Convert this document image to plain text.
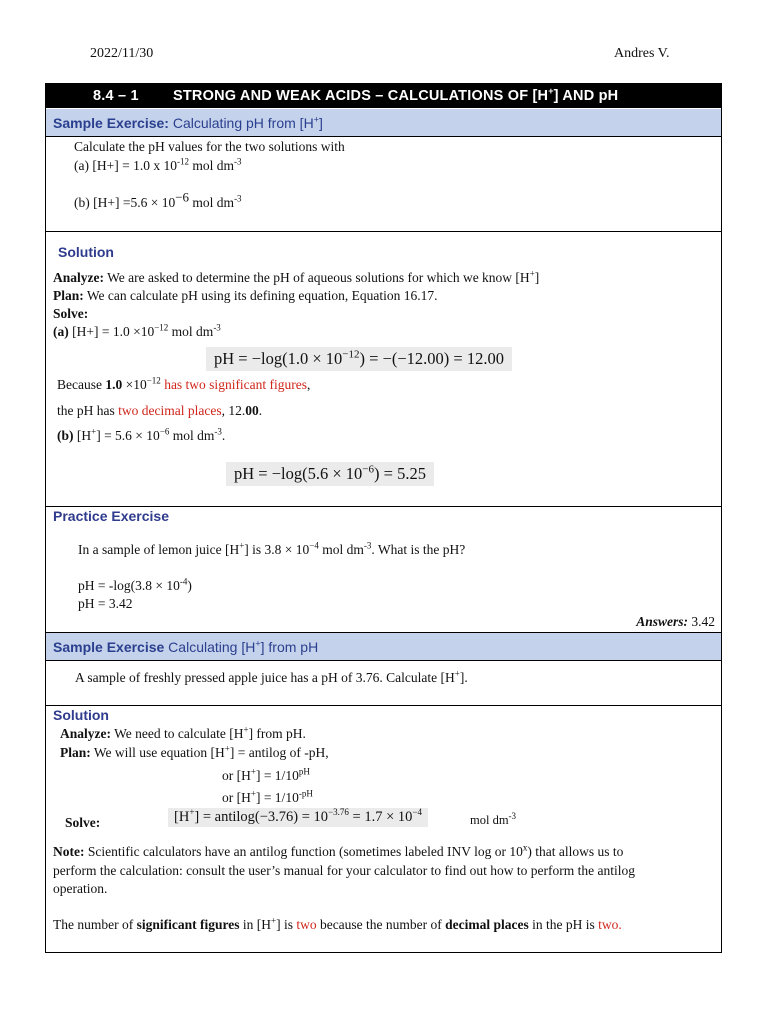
2022/11/30	Andres V.
8.4 – 1 STRONG AND WEAK ACIDS – CALCULATIONS OF [H+] AND pH
Sample Exercise: Calculating pH from [H+]
Calculate the pH values for the two solutions with
(a) [H+] = 1.0 x $10^{-12}$ mol $dm^{-3}$
(b) $[H+] =5.6 \times 10^{-6}$ mol $dm^{-3}$
Solution
Analyze: We are asked to determine the pH of aqueous solutions for which we know [H+]
Plan: We can calculate pH using its defining equation, Equation 16.17.
Solve:
(a) $[H+] = 1.0 \times 10^{-12}$ mol $dm^{-3}$
pH = $-\log(1.0 \times 10^{-12}) = -(-12.00) = 12.00$
Because $1.0 \times 10^{-12}$ has two significant figures,
the pH has two decimal places, 12.00.
(b) $[H^+] = 5.6 \times 10^{-6}$ mol $dm^{-3}$.
pH = $-\log(5.6 \times 10^{-6}) = 5.25$
Practice Exercise
In a sample of lemon juice [H+] is $3.8 \times 10^{-4}$ mol $dm^{-3}$. What is the pH?
pH = $-\log(3.8 \times 10^{-4})$
pH = 3.42
Answers: 3.42
Sample Exercise Calculating [H+] from pH
A sample of freshly pressed apple juice has a pH of 3.76. Calculate [H+].
Solution
Analyze: We need to calculate [H+] from pH.
Plan: We will use equation [H+] = antilog of -pH,
or $[H^+] = 1/10^{pH}$
or $[H^+] = 1/10^{-pH}$
Solve:	[H+] = antilog(−3.76) = $10^{-3.76} = 1.7 \times 10^{-4}$
mol $dm^{-3}$
Note: Scientific calculators have an antilog function (sometimes labeled INV log or 10$^x$) that allows us to
perform the calculation: consult the user’s manual for your calculator to find out how to perform the antilog
operation.
The number of significant figures in [H+] is two because the number of decimal places in the pH is two.
